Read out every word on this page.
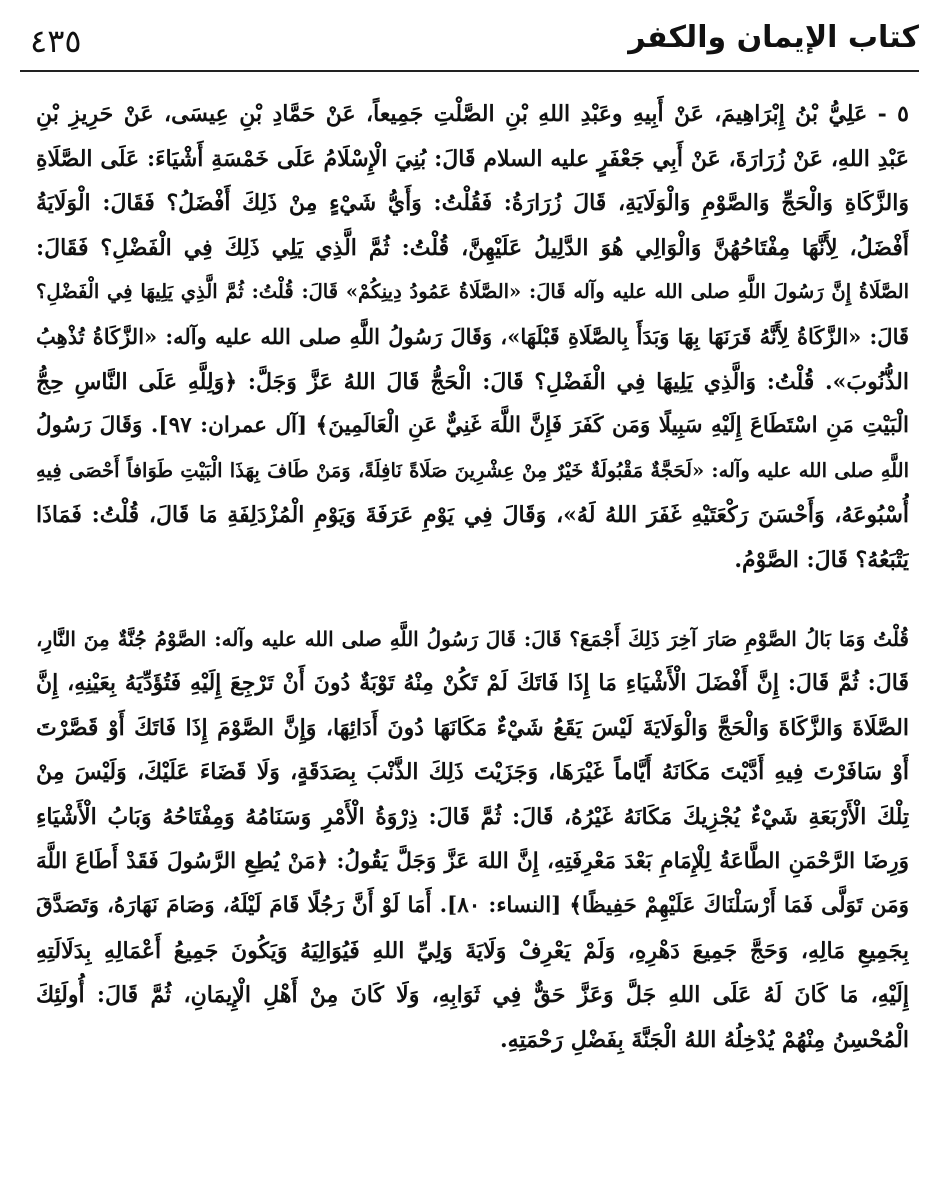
٤٣٥	كتاب الإيمان والكفر
٥ - عَلِيُّ بْنُ إِبْرَاهِيمَ، عَنْ أَبِيهِ وعَبْدِ اللهِ بْنِ الصَّلْتِ جَمِيعاً، عَنْ حَمَّادِ بْنِ عِيسَى، عَنْ حَرِيزِ بْنِ
عَبْدِ اللهِ، عَنْ زُرَارَةَ، عَنْ أَبِي جَعْفَرٍ عليه السلام قَالَ: بُنِيَ الْإِسْلَامُ عَلَى خَمْسَةِ أَشْيَاءَ: عَلَى الصَّلَاةِ
وَالزَّكَاةِ وَالْحَجِّ وَالصَّوْمِ وَالْوَلَايَةِ، قَالَ زُرَارَةُ: فَقُلْتُ: وَأَيُّ شَيْءٍ مِنْ ذَلِكَ أَفْضَلُ؟ فَقَالَ: الْوَلَايَةُ
أَفْضَلُ، لِأَنَّهَا مِفْتَاحُهُنَّ وَالْوَالِي هُوَ الدَّلِيلُ عَلَيْهِنَّ، قُلْتُ: ثُمَّ الَّذِي يَلِي ذَلِكَ فِي الْفَضْلِ؟ فَقَالَ:
الصَّلَاةُ إِنَّ رَسُولَ اللَّهِ صلى الله عليه وآله قَالَ: «الصَّلَاةُ عَمُودُ دِينِكُمْ» قَالَ: قُلْتُ: ثُمَّ الَّذِي يَلِيهَا فِي الْفَضْلِ؟
قَالَ: «الزَّكَاةُ لِأَنَّهُ قَرَنَهَا بِهَا وَبَدَأَ بِالصَّلَاةِ قَبْلَهَا»، وَقَالَ رَسُولُ اللَّهِ صلى الله عليه وآله: «الزَّكَاةُ تُذْهِبُ
الذُّنُوبَ». قُلْتُ: وَالَّذِي يَلِيهَا فِي الْفَضْلِ؟ قَالَ: الْحَجُّ قَالَ اللهُ عَزَّ وَجَلَّ: ﴿وَلِلَّهِ عَلَى النَّاسِ حِجُّ
الْبَيْتِ مَنِ اسْتَطَاعَ إِلَيْهِ سَبِيلًا وَمَن كَفَرَ فَإِنَّ اللَّهَ غَنِيٌّ عَنِ الْعَالَمِينَ﴾ [آل عمران: ٩٧]. وَقَالَ رَسُولُ
اللَّهِ صلى الله عليه وآله: «لَحَجَّةٌ مَقْبُولَةٌ خَيْرٌ مِنْ عِشْرِينَ صَلَاةً نَافِلَةً، وَمَنْ طَافَ بِهَذَا الْبَيْتِ طَوَافاً أَحْصَى فِيهِ
أُسْبُوعَهُ، وَأَحْسَنَ رَكْعَتَيْهِ غَفَرَ اللهُ لَهُ»، وَقَالَ فِي يَوْمِ عَرَفَةَ وَيَوْمِ الْمُزْدَلِفَةِ مَا قَالَ، قُلْتُ: فَمَاذَا
يَتْبَعُهُ؟ قَالَ: الصَّوْمُ.
قُلْتُ وَمَا بَالُ الصَّوْمِ صَارَ آخِرَ ذَلِكَ أَجْمَعَ؟ قَالَ: قَالَ رَسُولُ اللَّهِ صلى الله عليه وآله: الصَّوْمُ جُنَّةٌ مِنَ النَّارِ،
قَالَ: ثُمَّ قَالَ: إِنَّ أَفْضَلَ الْأَشْيَاءِ مَا إِذَا فَاتَكَ لَمْ تَكُنْ مِنْهُ تَوْبَةٌ دُونَ أَنْ تَرْجِعَ إِلَيْهِ فَتُؤَدِّيَهُ بِعَيْنِهِ، إِنَّ
الصَّلَاةَ وَالزَّكَاةَ وَالْحَجَّ وَالْوَلَايَةَ لَيْسَ يَقَعُ شَيْءٌ مَكَانَهَا دُونَ أَدَائِهَا، وَإِنَّ الصَّوْمَ إِذَا فَاتَكَ أَوْ قَصَّرْتَ
أَوْ سَافَرْتَ فِيهِ أَدَّيْتَ مَكَانَهُ أَيَّاماً غَيْرَهَا، وَجَزَيْتَ ذَلِكَ الذَّنْبَ بِصَدَقَةٍ، وَلَا قَضَاءَ عَلَيْكَ، وَلَيْسَ مِنْ
تِلْكَ الْأَرْبَعَةِ شَيْءٌ يُجْزِيكَ مَكَانَهُ غَيْرُهُ، قَالَ: ثُمَّ قَالَ: ذِرْوَةُ الْأَمْرِ وَسَنَامُهُ وَمِفْتَاحُهُ وَبَابُ الْأَشْيَاءِ
وَرِضَا الرَّحْمَنِ الطَّاعَةُ لِلْإِمَامِ بَعْدَ مَعْرِفَتِهِ، إِنَّ اللهَ عَزَّ وَجَلَّ يَقُولُ: ﴿مَنْ يُطِعِ الرَّسُولَ فَقَدْ أَطَاعَ اللَّهَ
وَمَن تَوَلَّى فَمَا أَرْسَلْنَاكَ عَلَيْهِمْ حَفِيظًا﴾ [النساء: ٨٠]. أَمَا لَوْ أَنَّ رَجُلًا قَامَ لَيْلَهُ، وَصَامَ نَهَارَهُ، وَتَصَدَّقَ
بِجَمِيعِ مَالِهِ، وَحَجَّ جَمِيعَ دَهْرِهِ، وَلَمْ يَعْرِفْ وَلَايَةَ وَلِيِّ اللهِ فَيُوَالِيَهُ وَيَكُونَ جَمِيعُ أَعْمَالِهِ بِدَلَالَتِهِ
إِلَيْهِ، مَا كَانَ لَهُ عَلَى اللهِ جَلَّ وَعَزَّ حَقٌّ فِي ثَوَابِهِ، وَلَا كَانَ مِنْ أَهْلِ الْإِيمَانِ، ثُمَّ قَالَ: أُولَئِكَ
الْمُحْسِنُ مِنْهُمْ يُدْخِلُهُ اللهُ الْجَنَّةَ بِفَضْلِ رَحْمَتِهِ.
